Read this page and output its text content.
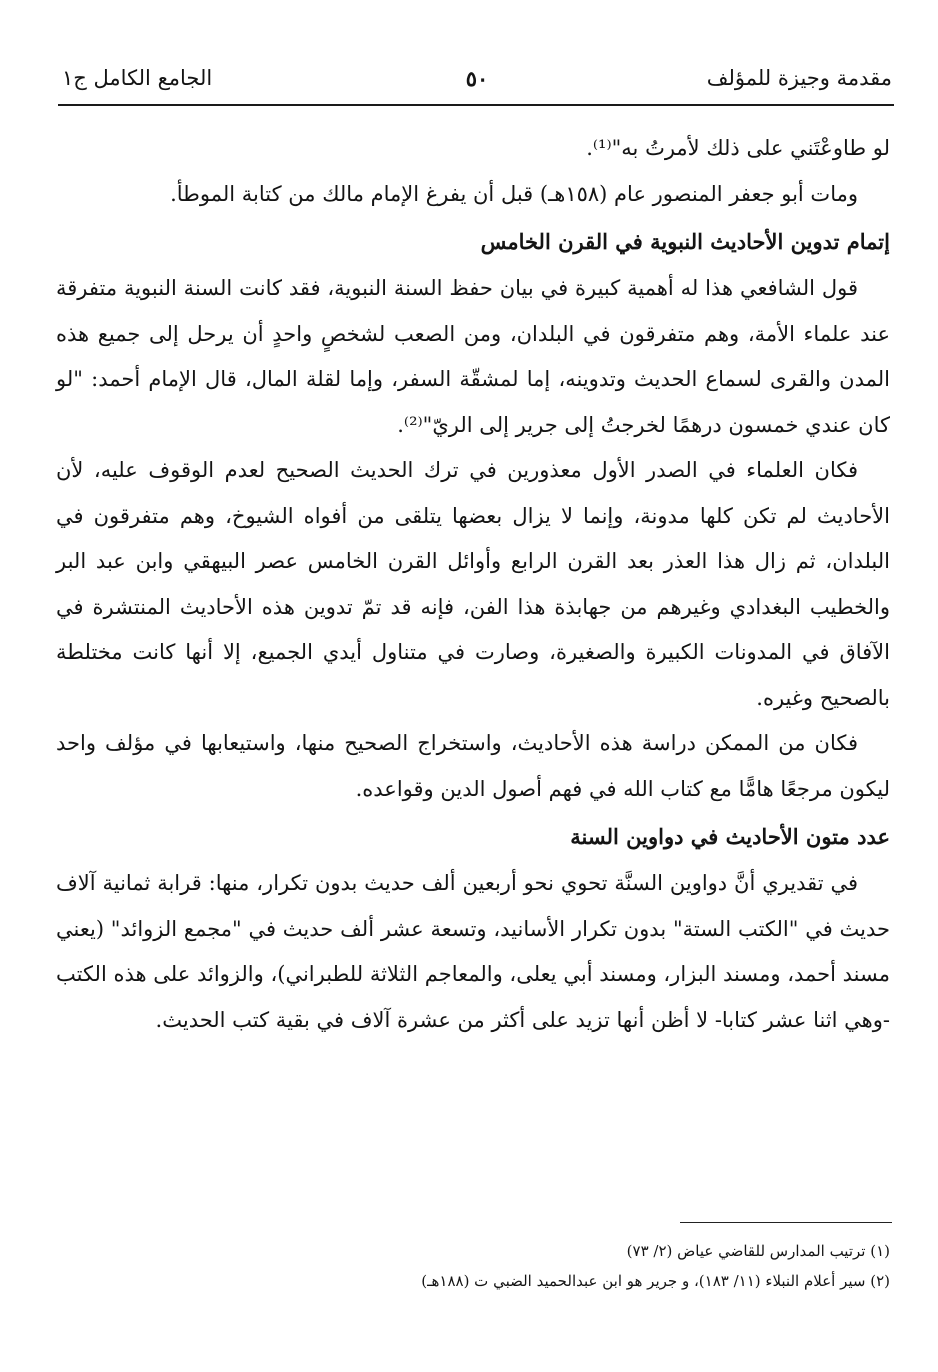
مقدمة وجيزة للمؤلف
٥٠
الجامع الكامل ج١

لو طاوعْتَني على ذلك لأمرتُ به"⁽¹⁾.

ومات أبو جعفر المنصور عام (١٥٨هـ) قبل أن يفرغ الإمام مالك من كتابة الموطأ.

إتمام تدوين الأحاديث النبوية في القرن الخامس

قول الشافعي هذا له أهمية كبيرة في بيان حفظ السنة النبوية، فقد كانت السنة النبوية متفرقة عند علماء الأمة، وهم متفرقون في البلدان، ومن الصعب لشخصٍ واحدٍ أن يرحل إلى جميع هذه المدن والقرى لسماع الحديث وتدوينه، إما لمشقّة السفر، وإما لقلة المال، قال الإمام أحمد: "لو كان عندي خمسون درهمًا لخرجتُ إلى جرير إلى الريّ"⁽²⁾.

فكان العلماء في الصدر الأول معذورين في ترك الحديث الصحيح لعدم الوقوف عليه، لأن الأحاديث لم تكن كلها مدونة، وإنما لا يزال بعضها يتلقى من أفواه الشيوخ، وهم متفرقون في البلدان، ثم زال هذا العذر بعد القرن الرابع وأوائل القرن الخامس عصر البيهقي وابن عبد البر والخطيب البغدادي وغيرهم من جهابذة هذا الفن، فإنه قد تمّ تدوين هذه الأحاديث المنتشرة في الآفاق في المدونات الكبيرة والصغيرة، وصارت في متناول أيدي الجميع، إلا أنها كانت مختلطة بالصحيح وغيره.

فكان من الممكن دراسة هذه الأحاديث، واستخراج الصحيح منها، واستيعابها في مؤلف واحد ليكون مرجعًا هامًّا مع كتاب الله في فهم أصول الدين وقواعده.

عدد متون الأحاديث في دواوين السنة

في تقديري أنَّ دواوين السنَّة تحوي نحو أربعين ألف حديث بدون تكرار، منها: قرابة ثمانية آلاف حديث في "الكتب الستة" بدون تكرار الأسانيد، وتسعة عشر ألف حديث في "مجمع الزوائد" (يعني مسند أحمد، ومسند البزار، ومسند أبي يعلى، والمعاجم الثلاثة للطبراني)، والزوائد على هذه الكتب -وهي اثنا عشر كتابا- لا أظن أنها تزيد على أكثر من عشرة آلاف في بقية كتب الحديث.

(١) ترتيب المدارس للقاضي عياض (٢/ ٧٣)

(٢) سير أعلام النبلاء (١١/ ١٨٣)، و جرير هو ابن عبدالحميد الضبي ت (١٨٨هـ)
